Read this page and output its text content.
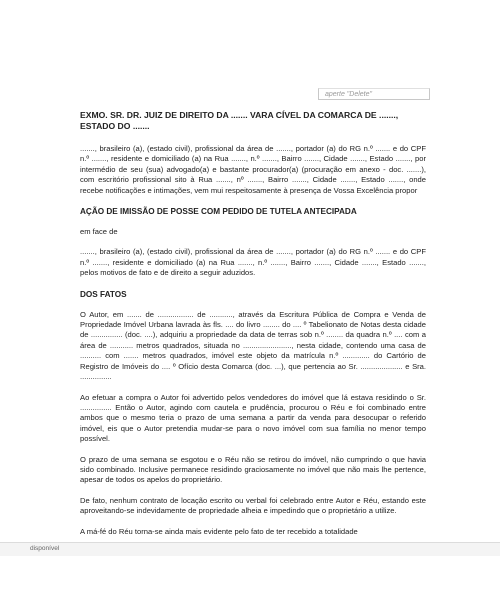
aperte "Delete"
EXMO. SR. DR. JUIZ DE DIREITO DA ....... VARA CÍVEL DA COMARCA DE ......., ESTADO DO .......

......., brasileiro (a), (estado civil), profissional da área de ......., portador (a) do RG n.º ....... e do CPF n.º ......., residente e domiciliado (a) na Rua ......., n.º ......., Bairro ......., Cidade ......., Estado ......., por intermédio de seu (sua) advogado(a) e bastante procurador(a) (procuração em anexo - doc. .......), com escritório profissional sito à Rua ......., nº ......., Bairro ......., Cidade ......., Estado ......., onde recebe notificações e intimações, vem mui respeitosamente à presença de Vossa Excelência propor

AÇÃO DE IMISSÃO DE POSSE COM PEDIDO DE TUTELA ANTECIPADA

em face de

......., brasileiro (a), (estado civil), profissional da área de ......., portador (a) do RG n.º ....... e do CPF n.º ......., residente e domiciliado (a) na Rua ......., n.º ......., Bairro ......., Cidade ......., Estado ......., pelos motivos de fato e de direito a seguir aduzidos.

DOS FATOS

O Autor, em ....... de ................. de ..........., através da Escritura Pública de Compra e Venda de Propriedade Imóvel Urbana lavrada às fls. .... do livro ........ do .... º Tabelionato de Notas desta cidade de ............... (doc. ....), adquiriu a propriedade da data de terras sob n.º ........ da quadra n.º .... com a área de ........... metros quadrados, situada no ......................., nesta cidade, contendo uma casa de .......... com ....... metros quadrados, imóvel este objeto da matrícula n.º ............. do Cartório de Registro de Imóveis do .... º Ofício desta Comarca (doc. ...), que pertencia ao Sr. .................... e Sra. ...............

Ao efetuar a compra o Autor foi advertido pelos vendedores do imóvel que lá estava residindo o Sr. ............... Então o Autor, agindo com cautela e prudência, procurou o Réu e foi combinado entre ambos que o mesmo teria o prazo de uma semana a partir da venda para desocupar o referido imóvel, eis que o Autor pretendia mudar-se para o novo imóvel com sua família no menor tempo possível.

O prazo de uma semana se esgotou e o Réu não se retirou do imóvel, não cumprindo o que havia sido combinado. Inclusive permanece residindo graciosamente no imóvel que não mais lhe pertence, apesar de todos os apelos do proprietário.

De fato, nenhum contrato de locação escrito ou verbal foi celebrado entre Autor e Réu, estando este aproveitando-se indevidamente de propriedade alheia e impedindo que o proprietário a utilize.

A má-fé do Réu torna-se ainda mais evidente pelo fato de ter recebido a totalidade

disponível
